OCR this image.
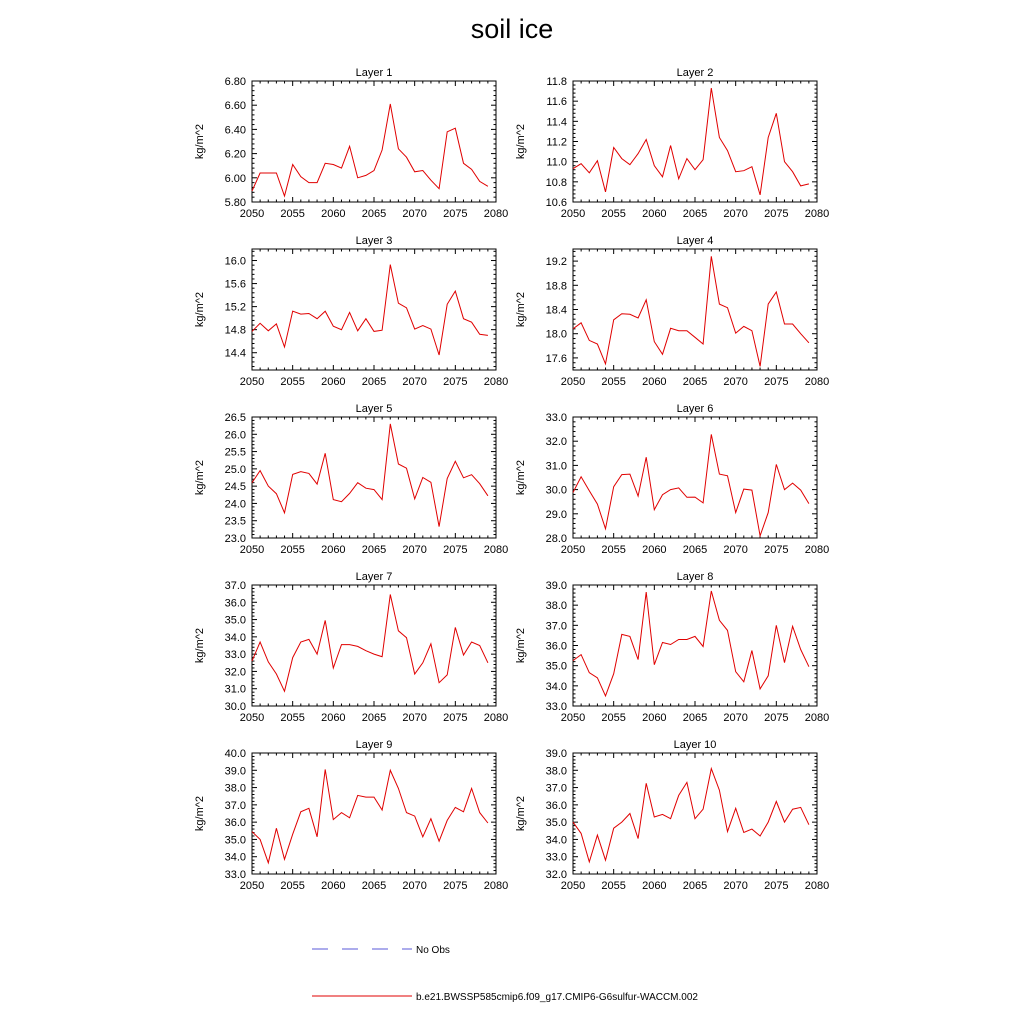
soil ice
Layer 1
2050 2055 2060 2065 2070 2075 2080
5.80
6.00
6.20
6.40
6.60
6.80
kg/m^2
Layer 2
2050 2055 2060 2065 2070 2075 2080
10.6
10.8
11.0
11.2
11.4
11.6
11.8
kg/m^2
Layer 3
2050 2055 2060 2065 2070 2075 2080
14.4
14.8
15.2
15.6
16.0
kg/m^2
Layer 4
2050 2055 2060 2065 2070 2075 2080
17.6
18.0
18.4
18.8
19.2
kg/m^2
Layer 5
2050 2055 2060 2065 2070 2075 2080
23.0
23.5
24.0
24.5
25.0
25.5
26.0
26.5
kg/m^2
Layer 6
2050 2055 2060 2065 2070 2075 2080
28.0
29.0
30.0
31.0
32.0
33.0
kg/m^2
Layer 7
2050 2055 2060 2065 2070 2075 2080
30.0
31.0
32.0
33.0
34.0
35.0
36.0
37.0
kg/m^2
Layer 8
2050 2055 2060 2065 2070 2075 2080
33.0
34.0
35.0
36.0
37.0
38.0
39.0
kg/m^2
Layer 9
2050 2055 2060 2065 2070 2075 2080
33.0
34.0
35.0
36.0
37.0
38.0
39.0
40.0
kg/m^2
Layer 10
2050 2055 2060 2065 2070 2075 2080
32.0
33.0
34.0
35.0
36.0
37.0
38.0
39.0
kg/m^2
No Obs
b.e21.BWSSP585cmip6.f09_g17.CMIP6-G6sulfur-WACCM.002
